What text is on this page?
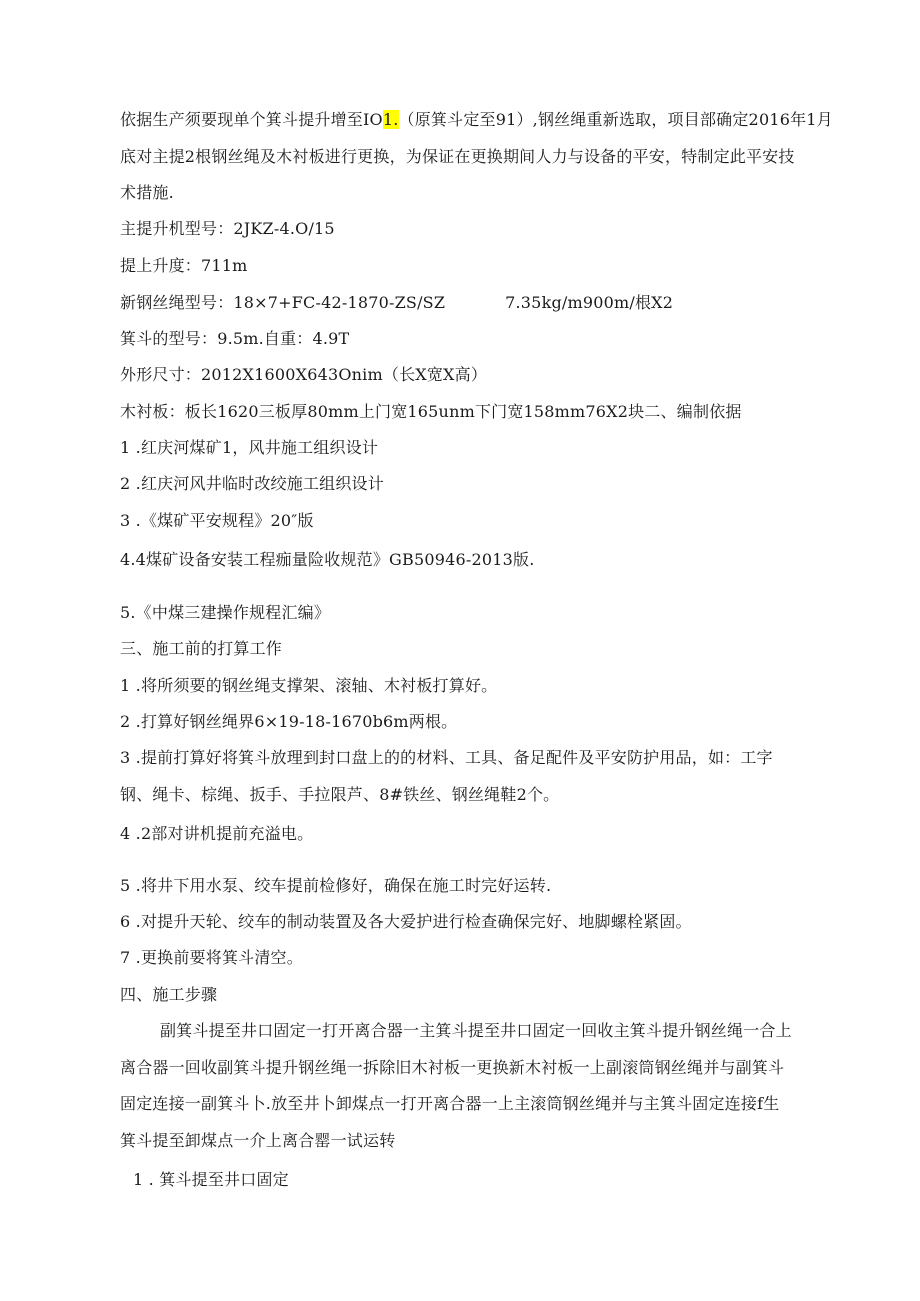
依据生产须要现单个箕斗提升增至IO1.（原箕斗定至91）,钢丝绳重新选取，项目部确定2016年1月
底对主提2根钢丝绳及木衬板进行更换，为保证在更换期间人力与设备的平安，特制定此平安技
术措施.
主提升机型号：2JKZ-4.O/15
提上升度：711m
新钢丝绳型号：18×7+FC-42-1870-ZS∕SZ	7.35kg∕m900m∕根X2
箕斗的型号：9.5m.自重：4.9T
外形尺寸：2012X1600X643Onim（长X宽X高）
木衬板：板长1620三板厚80mm上门宽165unm下门宽158mm76X2块二、编制依据
1 .红庆河煤矿1，风井施工组织设计
2 .红庆河风井临时改绞施工组织设计
3 .《煤矿平安规程》20″版
4.4煤矿设备安装工程痂量险收规范》GB50946-2013版.
5.《中煤三建操作规程汇编》
三、施工前的打算工作
1 .将所须要的钢丝绳支撑架、滚轴、木衬板打算好。
2 .打算好钢丝绳界6×19-18-1670b6m两根。
3 .提前打算好将箕斗放理到封口盘上的的材料、工具、备足配件及平安防护用品，如：工字
钢、绳卡、棕绳、扳手、手拉限芦、8#铁丝、钢丝绳鞋2个。
4 .2部对讲机提前充溢电。
5 .将井下用水泵、绞车提前检修好，确保在施工时完好运转.
6 .对提升天轮、绞车的制动装置及各大爱护进行检查确保完好、地脚螺栓紧固。
7 .更换前要将箕斗清空。
四、施工步骤
副箕斗提至井口固定一打开离合器一主箕斗提至井口固定一回收主箕斗提升钢丝绳一合上
离合器一回收副箕斗提升钢丝绳一拆除旧木衬板一更换新木衬板一上副滚筒钢丝绳并与副箕斗
固定连接一副箕斗卜.放至井卜卸煤点一打开离合器一上主滚筒钢丝绳并与主箕斗固定连接f生
箕斗提至卸煤点一介上离合罂一试运转
1 . 箕斗提至井口固定
